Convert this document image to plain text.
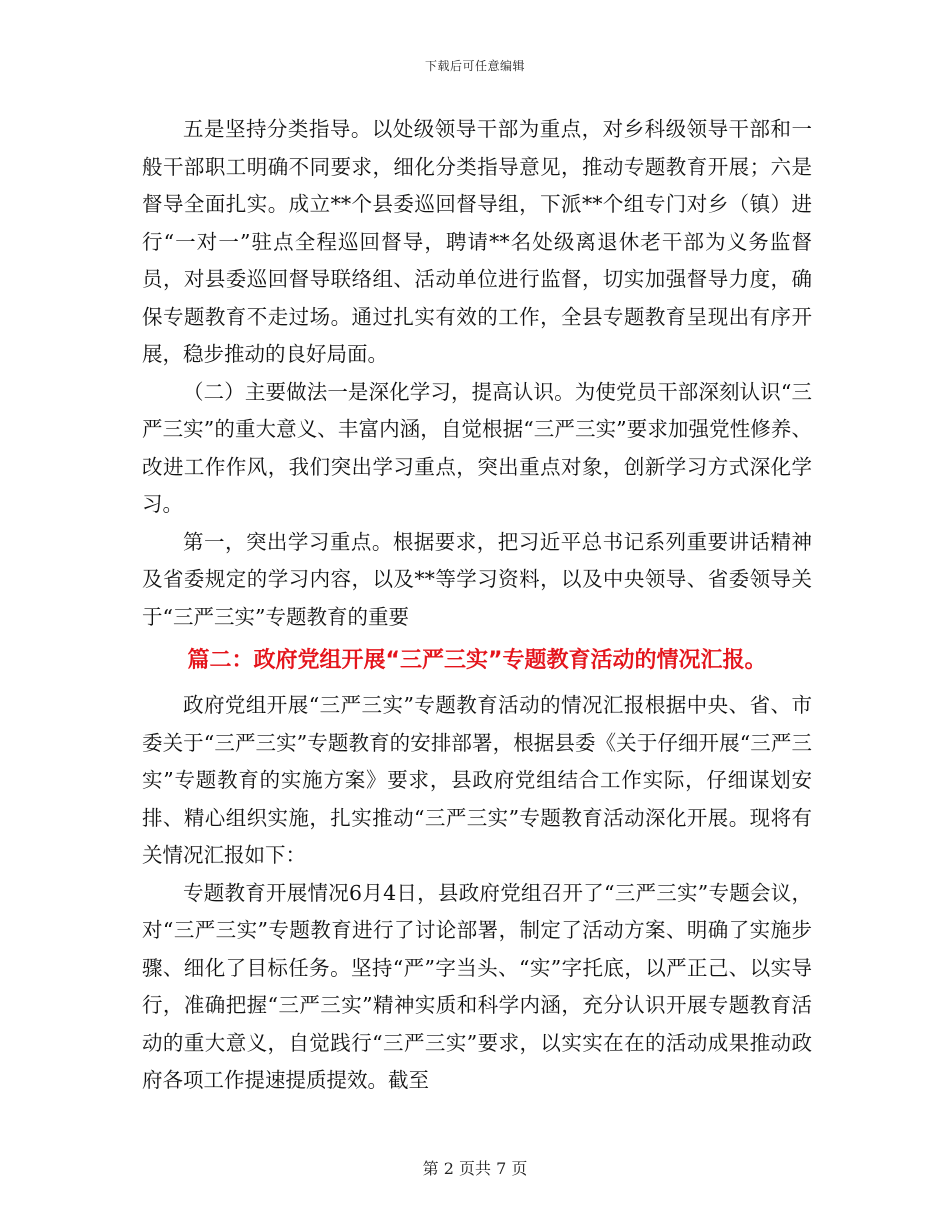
下载后可任意编辑

五是坚持分类指导。以处级领导干部为重点，对乡科级领导干部和一般干部职工明确不同要求，细化分类指导意见，推动专题教育开展；六是督导全面扎实。成立**个县委巡回督导组，下派**个组专门对乡（镇）进行“一对一”驻点全程巡回督导，聘请**名处级离退休老干部为义务监督员，对县委巡回督导联络组、活动单位进行监督，切实加强督导力度，确保专题教育不走过场。通过扎实有效的工作，全县专题教育呈现出有序开展，稳步推动的良好局面。

（二）主要做法一是深化学习，提高认识。为使党员干部深刻认识“三严三实”的重大意义、丰富内涵，自觉根据“三严三实”要求加强党性修养、改进工作作风，我们突出学习重点，突出重点对象，创新学习方式深化学习。

第一，突出学习重点。根据要求，把习近平总书记系列重要讲话精神及省委规定的学习内容，以及**等学习资料，以及中央领导、省委领导关于“三严三实”专题教育的重要

篇二：政府党组开展“三严三实”专题教育活动的情况汇报。

政府党组开展“三严三实”专题教育活动的情况汇报根据中央、省、市委关于“三严三实”专题教育的安排部署，根据县委《关于仔细开展“三严三实”专题教育的实施方案》要求，县政府党组结合工作实际，仔细谋划安排、精心组织实施，扎实推动“三严三实”专题教育活动深化开展。现将有关情况汇报如下：

专题教育开展情况6月4日，县政府党组召开了“三严三实”专题会议，对“三严三实”专题教育进行了讨论部署，制定了活动方案、明确了实施步骤、细化了目标任务。坚持“严”字当头、“实”字托底，以严正己、以实导行，准确把握“三严三实”精神实质和科学内涵，充分认识开展专题教育活动的重大意义，自觉践行“三严三实”要求，以实实在在的活动成果推动政府各项工作提速提质提效。截至

第 2 页共 7 页
